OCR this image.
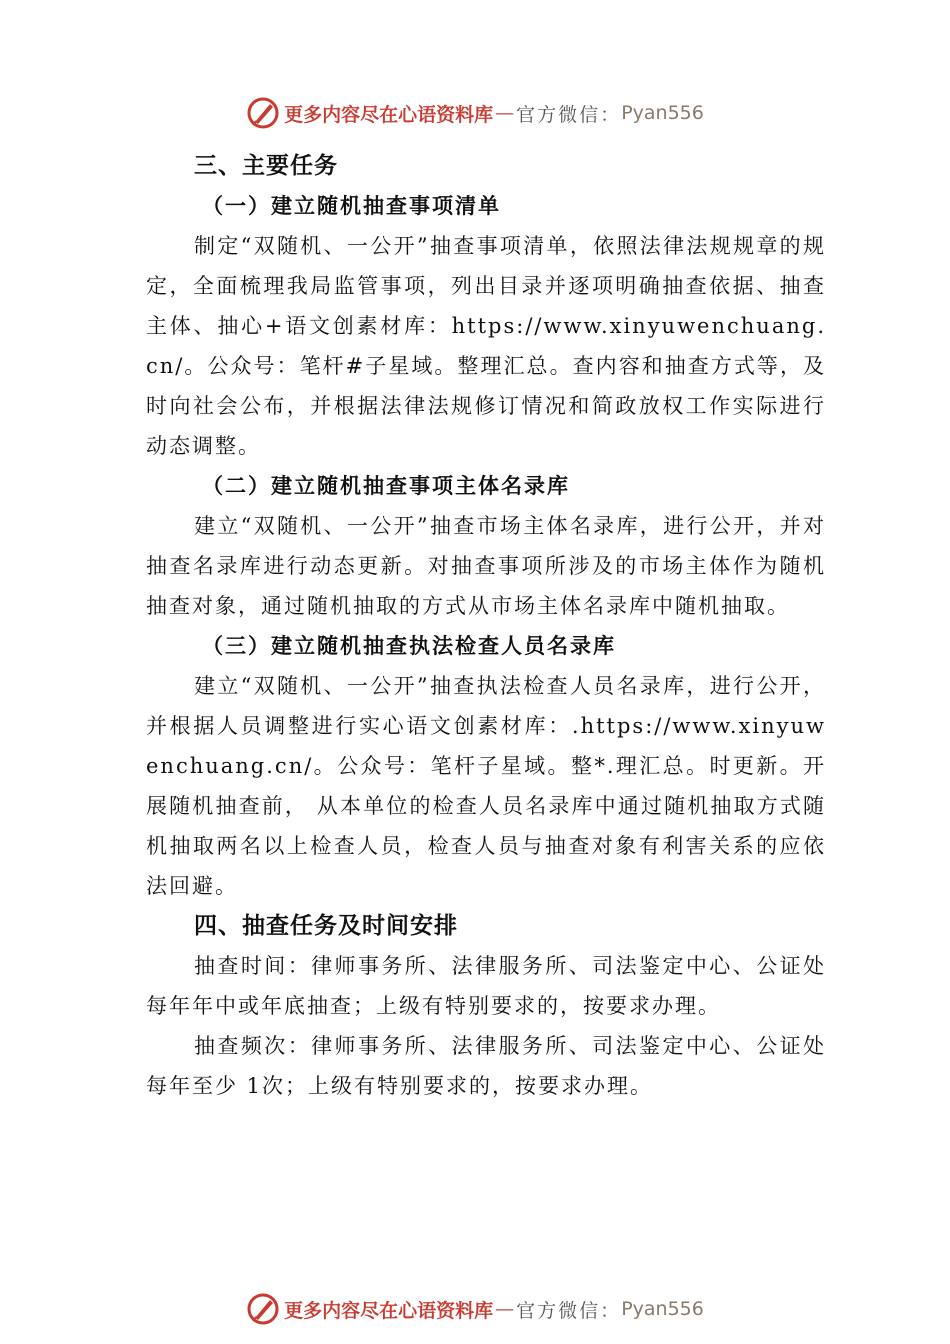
更多内容尽在心语资料库 — 官方微信： Pyan556

三、主要任务

（一）建立随机抽查事项清单

制定“双随机、一公开”抽查事项清单，依照法律法规规章的规定，全面梳理我局监管事项，列出目录并逐项明确抽查依据、抽查主体、抽心+语文创素材库：https://www.xinyuwenchuang.cn/。公众号：笔杆#子星域。整理汇总。查内容和抽查方式等，及时向社会公布，并根据法律法规修订情况和简政放权工作实际进行动态调整。

（二）建立随机抽查事项主体名录库

建立“双随机、一公开”抽查市场主体名录库，进行公开，并对抽查名录库进行动态更新。对抽查事项所涉及的市场主体作为随机抽查对象，通过随机抽取的方式从市场主体名录库中随机抽取。

（三）建立随机抽查执法检查人员名录库

建立“双随机、一公开”抽查执法检查人员名录库，进行公开，并根据人员调整进行实心语文创素材库：.https://www.xinyuwenchuang.cn/。公众号：笔杆子星域。整*.理汇总。时更新。开展随机抽查前， 从本单位的检查人员名录库中通过随机抽取方式随机抽取两名以上检查人员，检查人员与抽查对象有利害关系的应依法回避。

四、抽查任务及时间安排

抽查时间：律师事务所、法律服务所、司法鉴定中心、公证处每年年中或年底抽查；上级有特别要求的，按要求办理。

抽查频次：律师事务所、法律服务所、司法鉴定中心、公证处每年至少 1次；上级有特别要求的，按要求办理。

更多内容尽在心语资料库 — 官方微信： Pyan556
